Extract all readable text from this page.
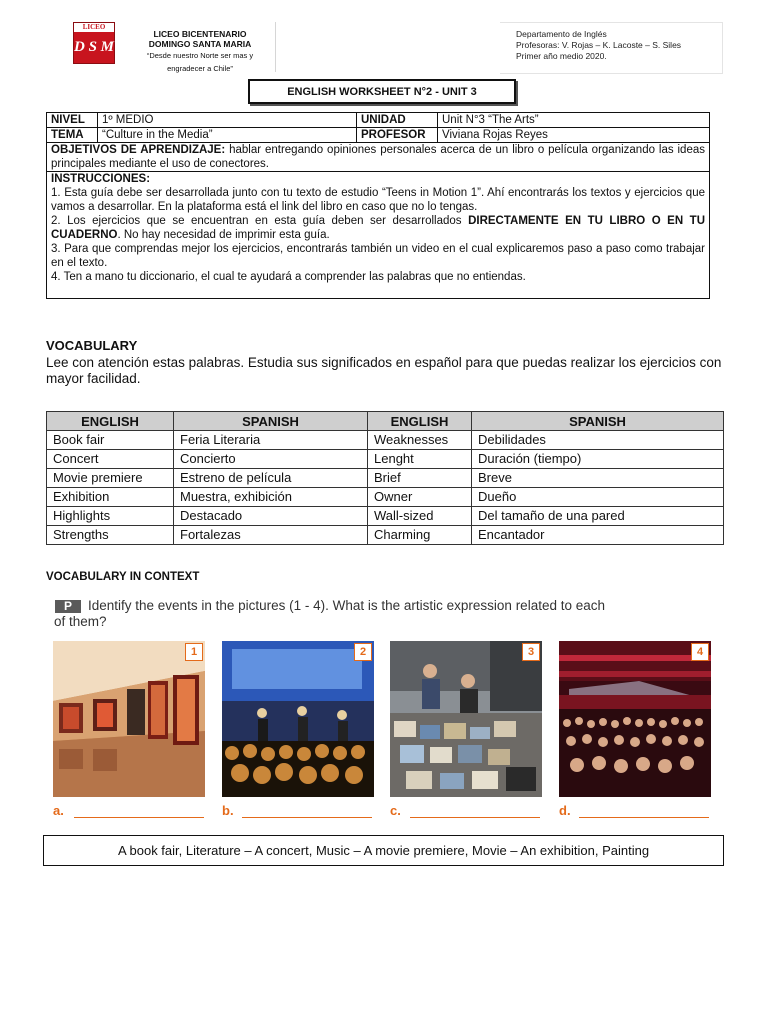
LICEO
D S M
LICEO BICENTENARIO
DOMINGO SANTA MARIA
“Desde nuestro Norte ser mas y
engradecer a Chile”
Departamento de Inglés
Profesoras: V. Rojas – K. Lacoste – S. Siles
Primer año medio 2020.
ENGLISH WORKSHEET N°2 - UNIT 3
NIVEL	1º MEDIO	UNIDAD	Unit N°3 “The Arts”
TEMA	“Culture in the Media”	PROFESOR	Viviana Rojas Reyes
OBJETIVOS DE APRENDIZAJE: hablar entregando opiniones personales acerca de un libro o película organizando las ideas principales mediante el uso de conectores.			

INSTRUCCIONES:

1. Esta guía debe ser desarrollada junto con tu texto de estudio “Teens in Motion 1”. Ahí encontrarás los textos y ejercicios que vamos a desarrollar. En la plataforma está el link del libro en caso que no lo tengas.

2. Los ejercicios que se encuentran en esta guía deben ser desarrollados DIRECTAMENTE EN TU LIBRO O EN TU CUADERNO. No hay necesidad de imprimir esta guía.

3. Para que comprendas mejor los ejercicios, encontrarás también un video en el cual explicaremos paso a paso como trabajar en el texto.

4. Ten a mano tu diccionario, el cual te ayudará a comprender las palabras que no entiendas.			

VOCABULARY
Lee con atención estas palabras. Estudia sus significados en español para que puedas realizar los ejercicios con mayor facilidad.
ENGLISH	SPANISH	ENGLISH	SPANISH
Book fair	Feria Literaria	Weaknesses	Debilidades
Concert	Concierto	Lenght	Duración (tiempo)
Movie premiere	Estreno de película	Brief	Breve
Exhibition	Muestra, exhibición	Owner	Dueño
Highlights	Destacado	Wall-sized	Del tamaño de una pared
Strengths	Fortalezas	Charming	Encantador
VOCABULARY IN CONTEXT
P	Identify the events in the pictures (1 - 4). What is the artistic expression related to each
of them?
1	2	3	4
a.	b.	c.	d.
A book fair, Literature – A concert, Music – A movie premiere, Movie – An exhibition, Painting
